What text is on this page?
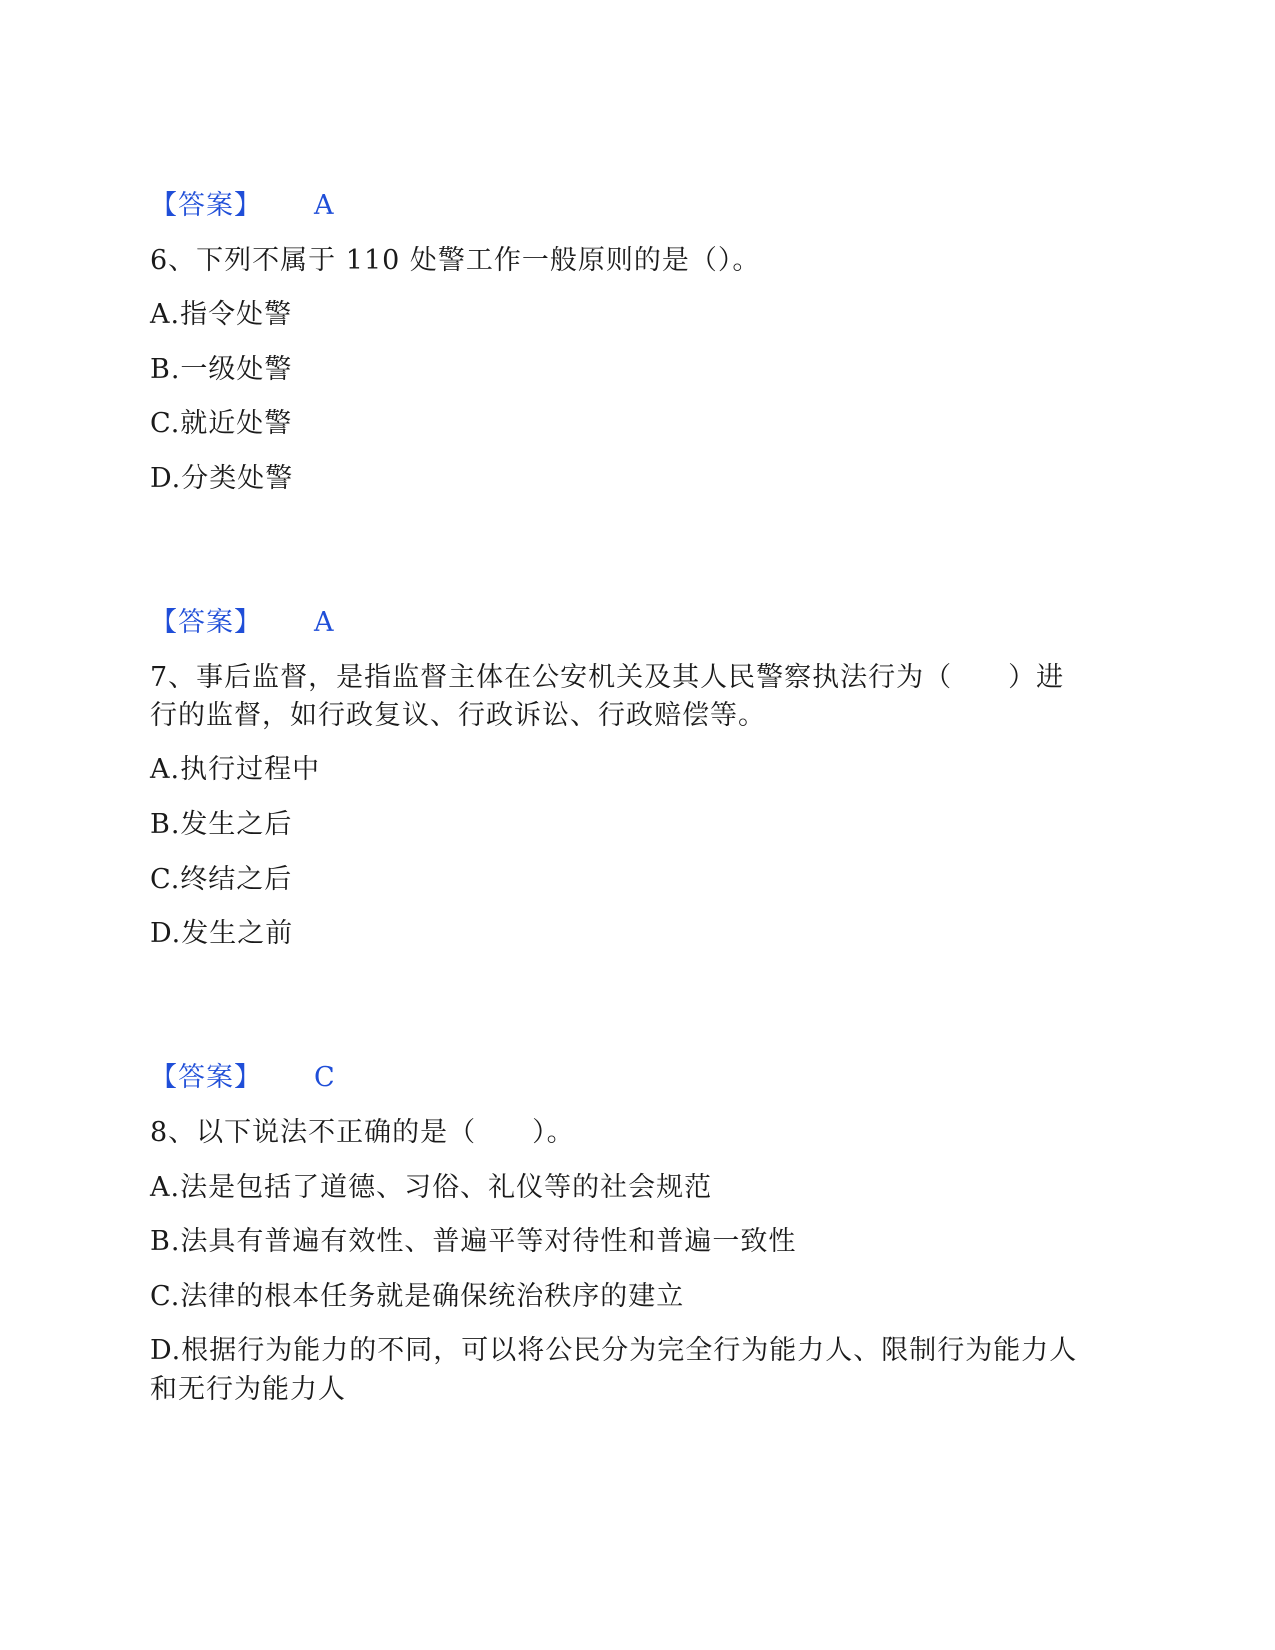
【答案】 A
6、下列不属于 110 处警工作一般原则的是（）。
A.指令处警
B.一级处警
C.就近处警
D.分类处警
【答案】 A
7、事后监督，是指监督主体在公安机关及其人民警察执法行为（　　）进
行的监督，如行政复议、行政诉讼、行政赔偿等。
A.执行过程中
B.发生之后
C.终结之后
D.发生之前
【答案】 C
8、以下说法不正确的是（　　）。
A.法是包括了道德、习俗、礼仪等的社会规范
B.法具有普遍有效性、普遍平等对待性和普遍一致性
C.法律的根本任务就是确保统治秩序的建立
D.根据行为能力的不同，可以将公民分为完全行为能力人、限制行为能力人
和无行为能力人
